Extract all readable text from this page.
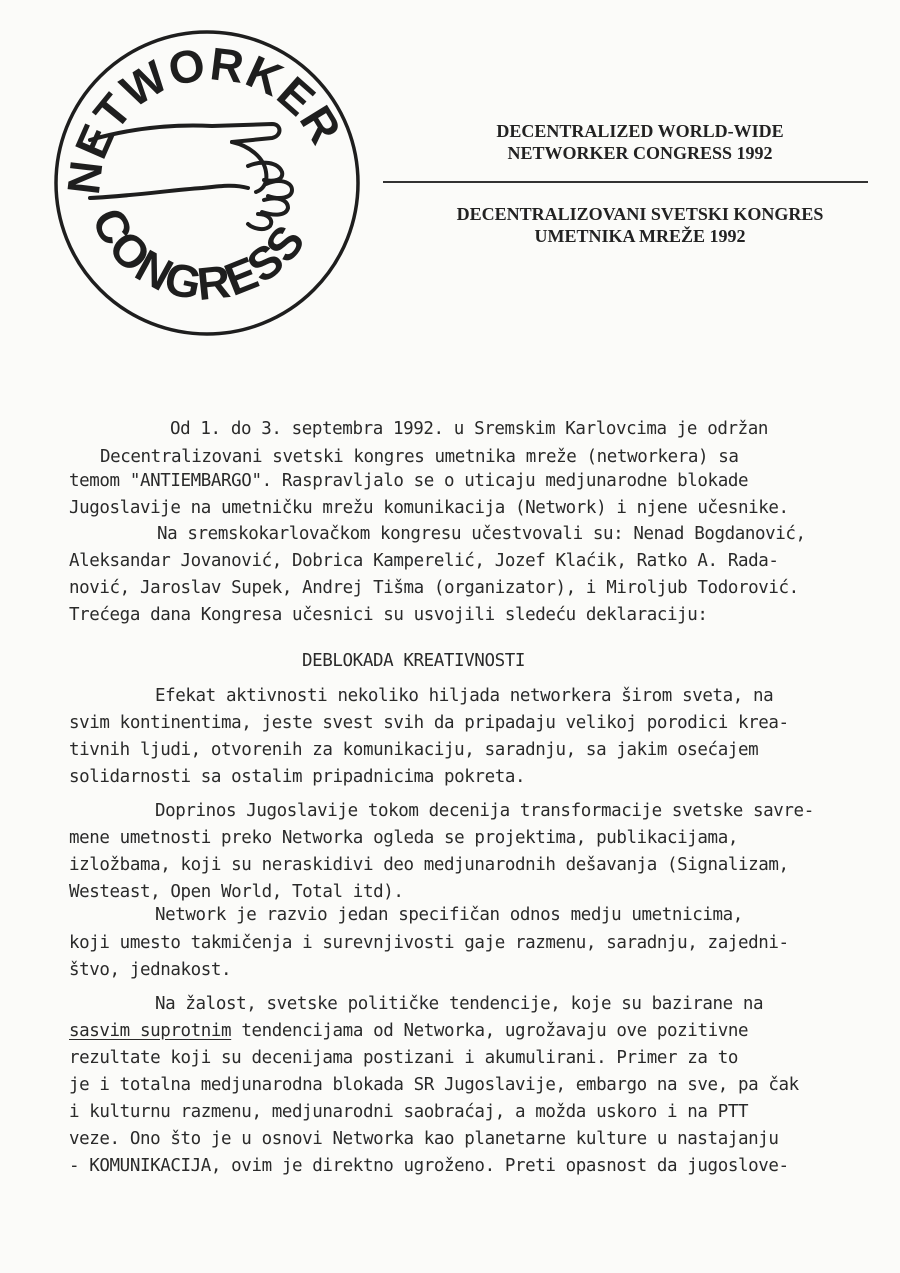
NETWORKER
CONGRESS
DECENTRALIZED WORLD-WIDE
NETWORKER CONGRESS 1992
DECENTRALIZOVANI SVETSKI KONGRES
UMETNIKA MREŽE 1992
Od 1. do 3. septembra 1992. u Sremskim Karlovcima je održan
Decentralizovani svetski kongres umetnika mreže (networkera) sa
temom "ANTIEMBARGO". Raspravljalo se o uticaju medjunarodne blokade
Jugoslavije na umetničku mrežu komunikacija (Network) i njene učesnike.
Na sremskokarlovačkom kongresu učestvovali su: Nenad Bogdanović,
Aleksandar Jovanović, Dobrica Kamperelić, Jozef Klaćik, Ratko A. Rada-
nović, Jaroslav Supek, Andrej Tišma (organizator), i Miroljub Todorović.
Trećega dana Kongresa učesnici su usvojili sledeću deklaraciju:
DEBLOKADA KREATIVNOSTI
Efekat aktivnosti nekoliko hiljada networkera širom sveta, na
svim kontinentima, jeste svest svih da pripadaju velikoj porodici krea-
tivnih ljudi, otvorenih za komunikaciju, saradnju, sa jakim osećajem
solidarnosti sa ostalim pripadnicima pokreta.
Doprinos Jugoslavije tokom decenija transformacije svetske savre-
mene umetnosti preko Networka ogleda se projektima, publikacijama,
izložbama, koji su neraskidivi deo medjunarodnih dešavanja (Signalizam,
Westeast, Open World, Total itd).
Network je razvio jedan specifičan odnos medju umetnicima,
koji umesto takmičenja i surevnjivosti gaje razmenu, saradnju, zajedni-
štvo, jednakost.
Na žalost, svetske političke tendencije, koje su bazirane na
sasvim suprotnim tendencijama od Networka, ugrožavaju ove pozitivne
rezultate koji su decenijama postizani i akumulirani. Primer za to
je i totalna medjunarodna blokada SR Jugoslavije, embargo na sve, pa čak
i kulturnu razmenu, medjunarodni saobraćaj, a možda uskoro i na PTT
veze. Ono što je u osnovi Networka kao planetarne kulture u nastajanju
- KOMUNIKACIJA, ovim je direktno ugroženo. Preti opasnost da jugoslove-
